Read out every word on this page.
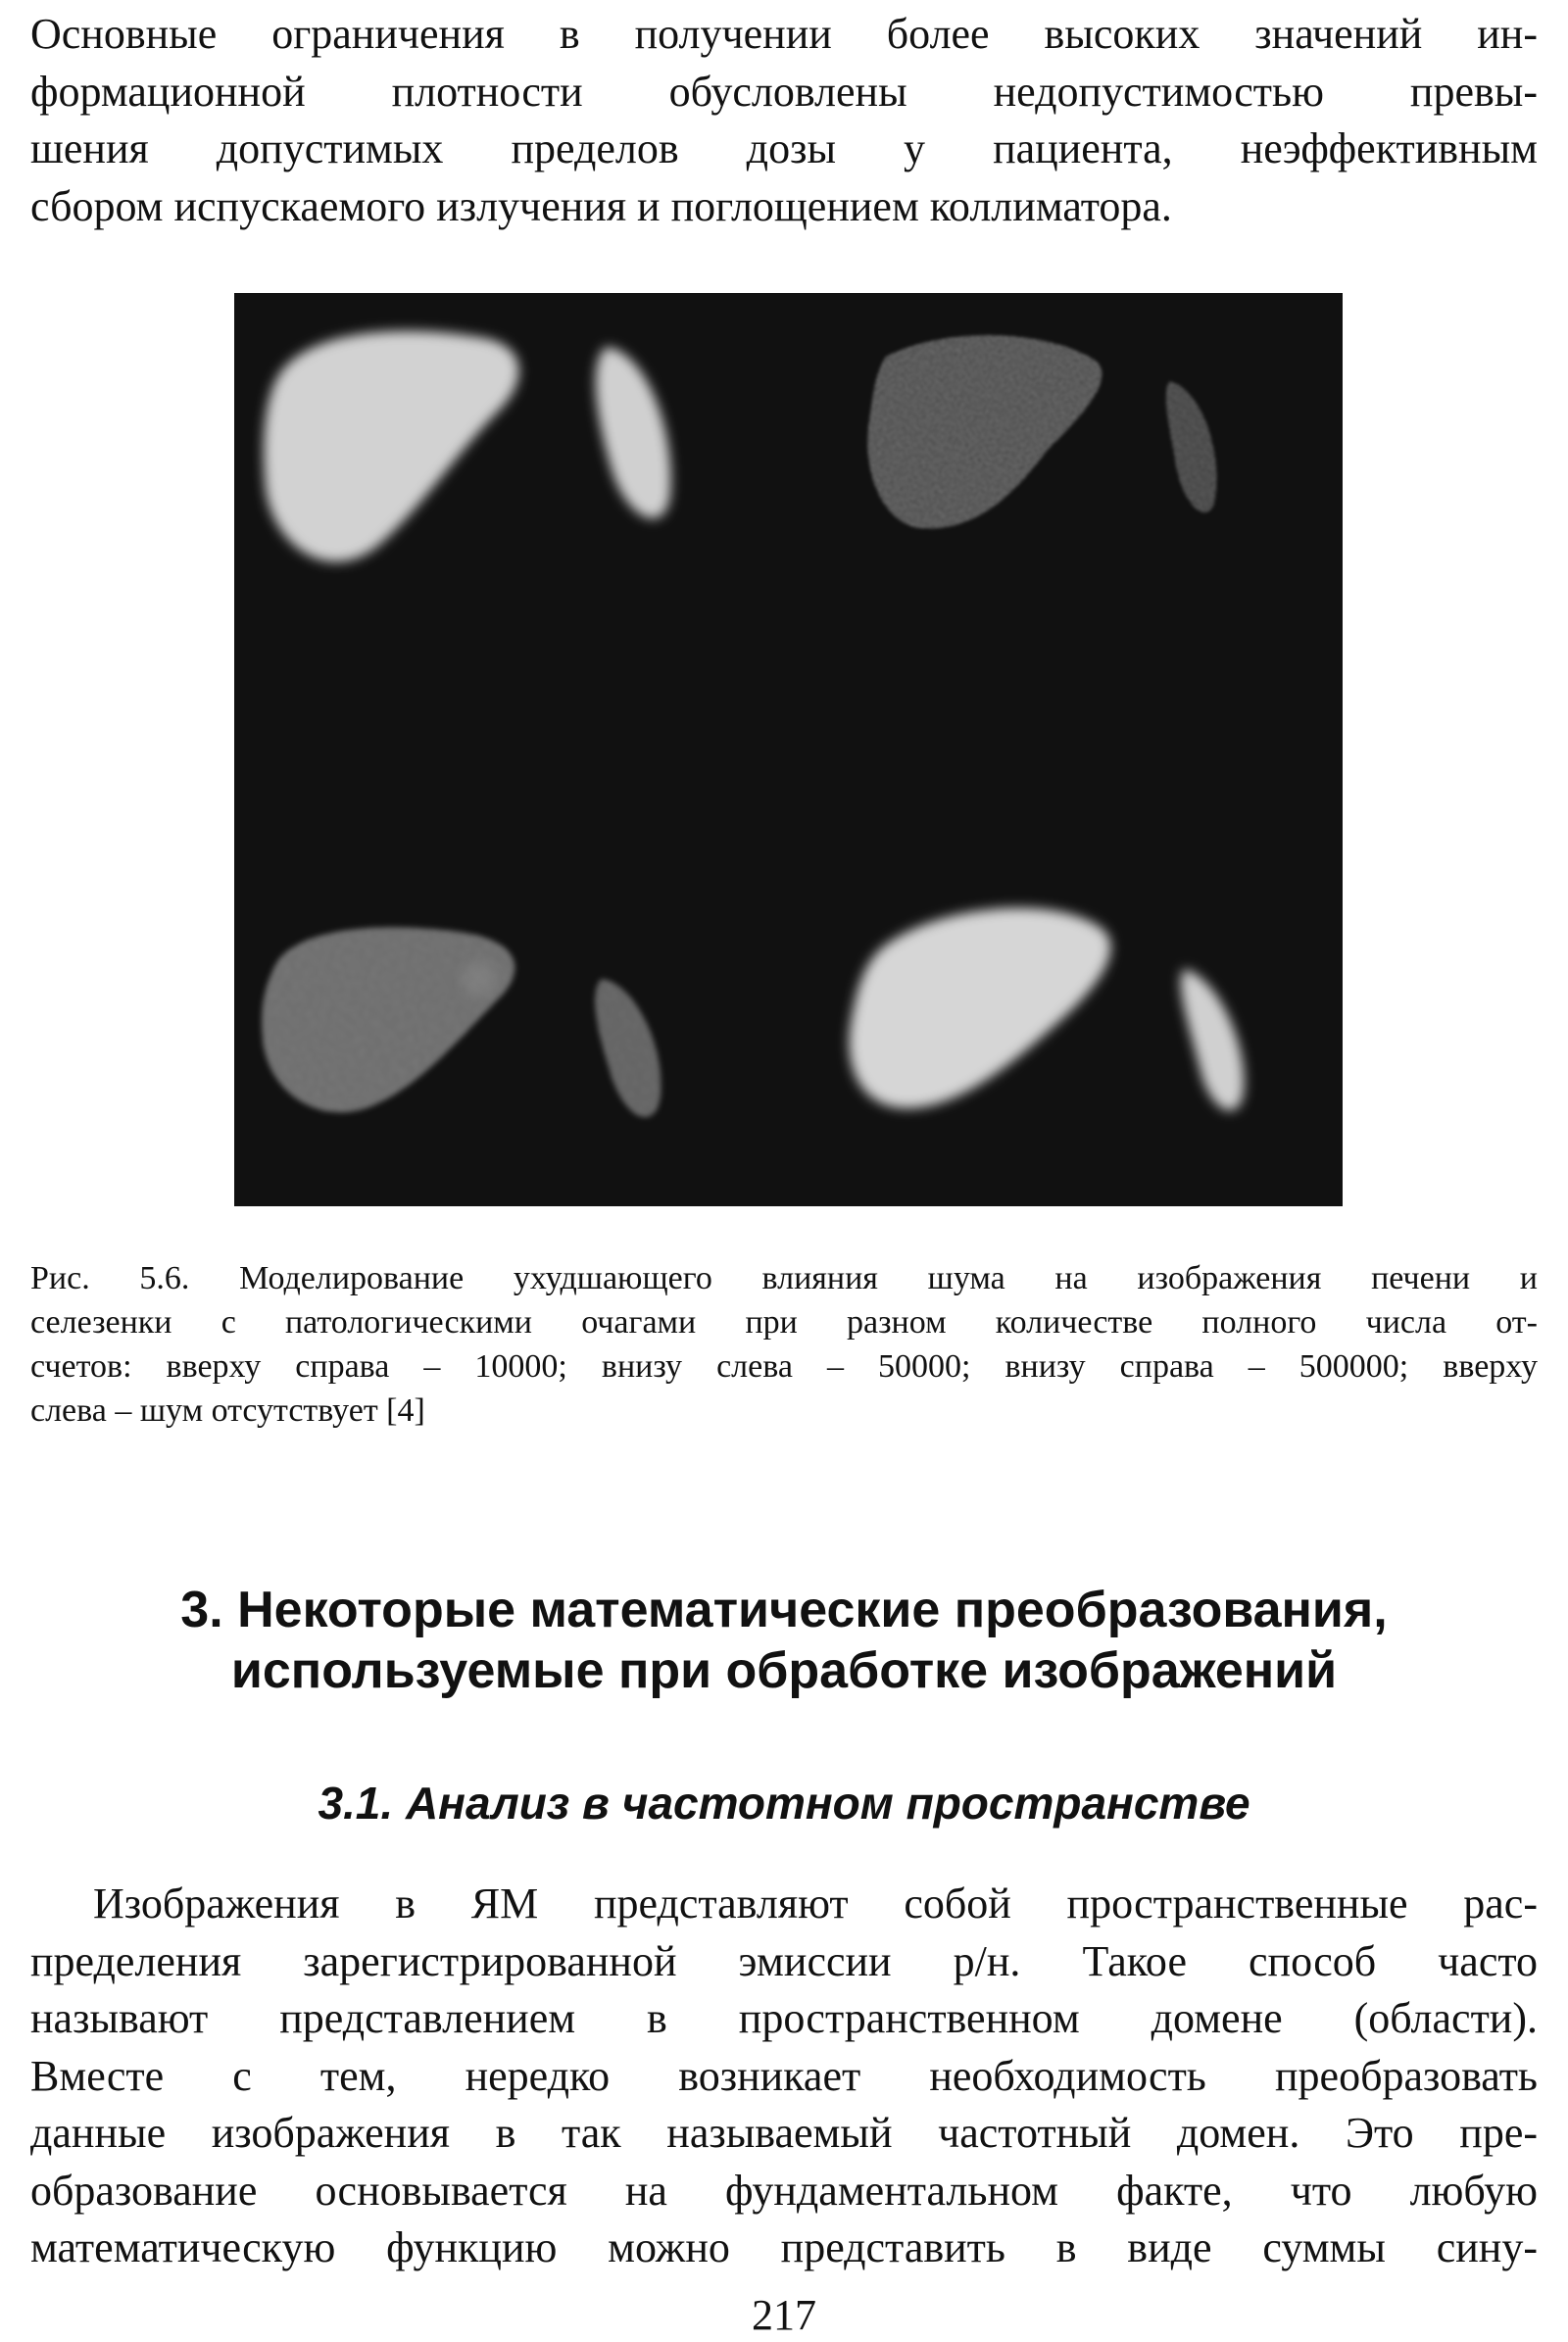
Основные ограничения в получении более высоких значений ин-
формационной плотности обусловлены недопустимостью превы-
шения допустимых пределов дозы у пациента, неэффективным
сбором испускаемого излучения и поглощением коллиматора.

Рис. 5.6. Моделирование ухудшающего влияния шума на изображения печени и
селезенки с патологическими очагами при разном количестве полного числа от-
счетов: вверху справа – 10000; внизу слева – 50000; внизу справа – 500000; вверху
слева – шум отсутствует [4]

3. Некоторые математические преобразования,
используемые при обработке изображений
3.1. Анализ в частотном пространстве

Изображения в ЯМ представляют собой пространственные рас-
пределения зарегистрированной эмиссии р/н. Такое способ часто
называют представлением в пространственном домене (области).
Вместе с тем, нередко возникает необходимость преобразовать
данные изображения в так называемый частотный домен. Это пре-
образование основывается на фундаментальном факте, что любую
математическую функцию можно представить в виде суммы сину-

217
